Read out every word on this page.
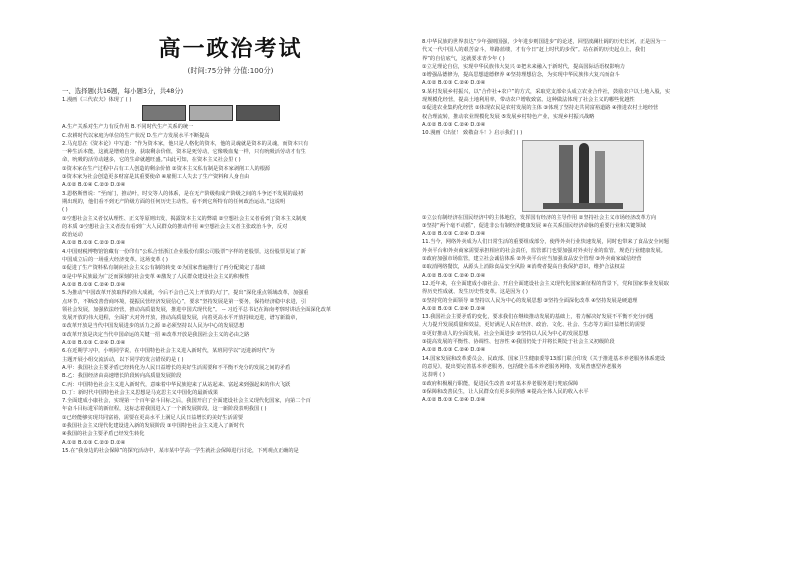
高一政治考试
(时间:75分钟 分值:100分)
一、选择题(共16题，每小题3分，共48分)
1.漫画《三代农夫》体现了 ( )
A.生产关系对生产力有反作用 B.不同时代生产关系的统一
C.农耕时代以家庭为单位的生产状况 D.生产力发展水平不断提高
2.马克思在《资本论》中写道：“作为资本家，他只是人格化的资本，他的灵魂就是资本的灵魂，而资本只有
一种生活本能，这就是增殖自身，获取剩余价值，资本是死劳动，它像吸血鬼一样，只有吮吸活劳动才有生
命，吮吸的活劳动越多，它的生命就越旺盛。”由此可知，在资本主义社会里 ( )
①资本家在生产过程中占有工人创造的剩余价值 ②资本主义私有制是资本家剥削工人的根源
③资本家为社会创造更多财富是其重要使命 ④雇佣工人失去了生产资料和人身自由
A.①② B.①④ C.②③ D.③④
3.恩格斯曾说：“至而门，推动叶，时交等人的体系，是在无产阶级构成产阶级之间的斗争还不发展的最初
期出现的，他们看不到无产阶级方面的任何历史主动性。看不到它所特有的任何政治运动。”这说明
( )
①空想社会主义者仅从理性、正义等原则出发，揭露资本主义的弊端 ②空想社会主义者看到了资本主义制度
的本质 ③空想社会主义者没有看到广大人民群众的推动作用 ④空想社会主义者主张政治斗争，反对
政治运动
A.①② B.①③ C.②③ D.③④
4.中国财税博物馆馆藏有一份印有“公私合营浙江企业股份有限公司股票”字样的老股票，这份股票见证了新
中国成立后的一场重大经济变革。这场变革 ( )
①促进了生产资料私有制向社会主义公有制的转变 ②为国家普遍推行了再分配奠定了基础
③是中华民族最为广泛而深刻的社会变革 ④激发了人民群众建设社会主义的积极性
A.①② B.①③ C.②④ D.③④
5.为推动“中国改革开放取得的伟大成就，今后不会自己关上开放的大门”，提出“深化重点领域改革，加强重
点环节，不断改善营商环境，提振民营经济发展信心”，要求“坚持发展是第一要务，保持经济稳中求进，引
领社会发展，加强依法经营，推动高质量发展，推进中国式现代化”。 -- 习近平总书记在海南考察时讲话全面深化改革
发展开放的伟大进程，全面扩大对外开放，推动高质量发展，向着更高水平开放持续迈进，谱写新篇章，
①改革开放是当代中国发展进步的活力之源 ②必须坚持以人民为中心的发展思想
③改革开放是决定当代中国命运的关键一招 ④改革开放是我国社会主义的必由之路
A.①② B.①③ C.②④ D.③④
6.在近期学习中，小明同学说，在中国特色社会主义进入新时代，某班同学以“迈进新时代”为
主题开展小组交流活动，以下同学的发言错误的是 ( )
A.甲：我国社会主要矛盾已经转化为人民日益增长的美好生活需要和不平衡不充分的发展之间的矛盾
B.乙：我国经济由高速增长阶段转向高质量发展阶段
C.丙：中国特色社会主义进入新时代，意味着中华民族迎来了从站起来、富起来到强起来的伟大飞跃
D.丁：新时代中国特色社会主义思想是马克思主义中国化的最新成果
7.全面建成小康社会，实现第一个百年奋斗目标之后，我国开启了全面建设社会主义现代化国家，向第二个百
年奋斗目标进军的新征程，这标志着我国进入了一个新发展阶段。这一新阶段表明我国 ( )
①已经能够实现共同富裕，需要在更高水平上满足人民日益增长的美好生活需要
②我国社会主义现代化建设进入新的发展阶段 ③中国特色社会主义进入了新时代
④我国的社会主要矛盾已经发生转化
A.①② B.①③ C.②③ D.②④
15.在“我身边的社会保障”的探究活动中，某市某中学高一学生就社会保障进行讨论，下列观点正确的是
8.中华民族的世界表达“少年强则国强，少年进步则国进步”的论述，回望波澜壮阔的历史长河，正是因为一
代又一代中国人的艰苦奋斗，筚路蓝缕，才有今日“赶上时代的步伐”。站在新的历史起点上，我们
界”的自信底气，这就要求青少年 ( )
①立足理论自信，实现中华民族伟大复兴 ②把未来融入于新时代，提高国际话语权影响力
③增强品德修为，提高思想道德修养 ④坚持理想信念，为实现中华民族伟大复兴而奋斗
A.①② B.①③ C.②④ D.③④
9.某村发展乡村振兴，以“合作社+农户”的方式，采取党支部牵头成立农业合作社，鼓励农户以土地入股，实
现规模化经营，提高土地利用率，带动农户增收致富。这种做法体现了社会主义的哪些优越性
①促进农业集约化经营 ②体现农民是农村发展的主体 ③体现了坚持走共同富裕道路 ④推进农村土地经营
权合理流转，推动农业规模化发展 ⑤发展乡村特色产业，实现乡村振兴战略
A.①② B.①③ C.②④ D.③④
10.漫画《出征！ 致敬奋斗！》启示我们 ( )
①立公有制经济在国民经济中的主体地位，发挥国有经济的主导作用 ②坚持社会主义市场经济改革方向
③坚持“两个毫不动摇”，促进非公有制经济健康发展 ④在关系国民经济命脉的重要行业和关键领域
A.①② B.①③ C.②④ D.③④
11.当今，网络外卖成为人们日常生活的重要组成部分，使得外卖行业快速发展，同时也带来了食品安全问题
外卖平台和外卖商家需要承担相应的社会责任，监管部门也要加强对外卖行业的监管，规范行业健康发展。
①政府加强市场监管，建立社会诚信体系 ②外卖平台应当加强食品安全管理 ③外卖商家诚信经营
②取消网络餐饮，从源头上消除食品安全风险 ④消费者提高自我保护意识，维护合法权益
A.①② B.①③ C.②④ D.③④
12.近年来，在全面建成小康社会、开启全面建设社会主义现代化国家新征程的背景下，党和国家事业发展取
得历史性成就、发生历史性变革。这是因为 ( )
①坚持党的全面领导 ②坚持以人民为中心的发展思想 ③坚持全面深化改革 ④坚持发展是硬道理
A.①② B.①③ C.②④ D.③④
13.我国社会主要矛盾的变化，要求我们在继续推动发展的基础上，着力解决好发展不平衡不充分问题
大力提升发展质量和效益，更好满足人民在经济、政治、文化、社会、生态等方面日益增长的需要
①更好推动人的全面发展、社会全面进步 ②坚持以人民为中心的发展思想
③提高发展的平衡性、协调性、包容性 ④我国仍处于并将长期处于社会主义初级阶段
A.①② B.①③ C.②④ D.③④
14.国家发展和改革委员会、民政部、国家卫生健康委等13部门联合印发《关于推进基本养老服务体系建设
的意见》，提出要完善基本养老服务，包括健全基本养老服务网络，发展普惠型养老服务
这表明 ( )
①政府积极履行职能，促进民生改善 ②对基本养老服务进行兜底保障
③保障和改善民生，让人民群众有更多获得感 ④提高全体人民的收入水平
A.①② B.①③ C.②④ D.③④
